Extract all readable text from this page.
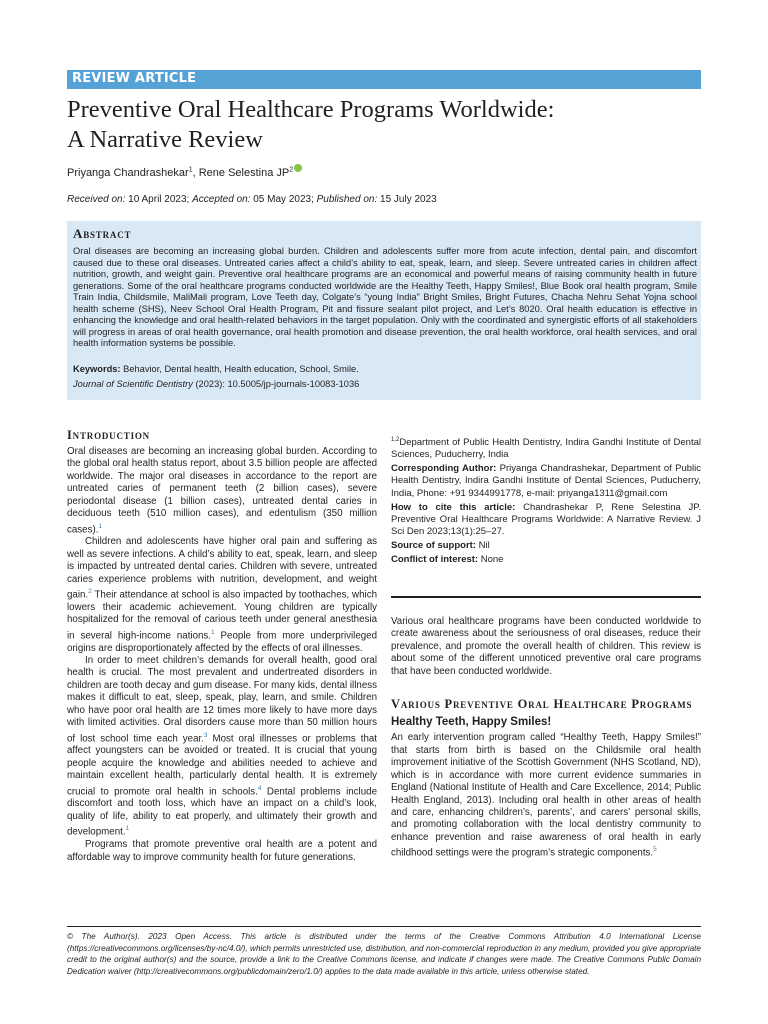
REVIEW ARTICLE
Preventive Oral Healthcare Programs Worldwide:
A Narrative Review
Priyanga Chandrashekar$^1$, Rene Selestina $JP^2$
Received on: 10 April 2023; Accepted on: 05 May 2023; Published on: 15 July 2023
Abstract
Oral diseases are becoming an increasing global burden. Children and adolescents suffer more from acute infection, dental pain, and discomfort caused due to these oral diseases. Untreated caries affect a child’s ability to eat, speak, learn, and sleep. Severe untreated caries in children affect nutrition, growth, and weight gain. Preventive oral healthcare programs are an economical and powerful means of raising community health in future generations. Some of the oral healthcare programs conducted worldwide are the Healthy Teeth, Happy Smiles!, Blue Book oral health program, Smile Train India, Childsmile, MaliMali program, Love Teeth day, Colgate’s “young India” Bright Smiles, Bright Futures, Chacha Nehru Sehat Yojna school health scheme (SHS), Neev School Oral Health Program, Pit and fissure sealant pilot project, and Let’s 8020. Oral health education is effective in enhancing the knowledge and oral health-related behaviors in the target population. Only with the coordinated and synergistic efforts of all stakeholders will progress in areas of oral health governance, oral health promotion and disease prevention, the oral health workforce, oral health services, and oral health information systems be possible.
Keywords: Behavior, Dental health, Health education, School, Smile.
Journal of Scientific Dentistry (2023): 10.5005/jp-journals-10083-1036
Introduction

Oral diseases are becoming an increasing global burden. According to the global oral health status report, about 3.5 billion people are affected worldwide. The major oral diseases in accordance to the report are untreated caries of permanent teeth (2 billion cases), severe periodontal disease (1 billion cases), untreated dental caries in deciduous teeth (510 million cases), and edentulism (350 million cases).$^1$

Children and adolescents have higher oral pain and suffering as well as severe infections. A child’s ability to eat, speak, learn, and sleep is impacted by untreated dental caries. Children with severe, untreated caries experience problems with nutrition, development, and weight gain.$^2$ Their attendance at school is also impacted by toothaches, which lowers their academic achievement. Young children are typically hospitalized for the removal of carious teeth under general anesthesia in several high-income nations.$^1$ People from more underprivileged origins are disproportionately affected by the effects of oral illnesses.

In order to meet children’s demands for overall health, good oral health is crucial. The most prevalent and undertreated disorders in children are tooth decay and gum disease. For many kids, dental illness makes it difficult to eat, sleep, speak, play, learn, and smile. Children who have poor oral health are 12 times more likely to have more days with limited activities. Oral disorders cause more than 50 million hours of lost school time each year.$^3$ Most oral illnesses or problems that affect youngsters can be avoided or treated. It is crucial that young people acquire the knowledge and abilities needed to achieve and maintain excellent health, particularly dental health. It is extremely crucial to promote oral health in schools.$^4$ Dental problems include discomfort and tooth loss, which have an impact on a child’s look, quality of life, ability to eat properly, and ultimately their growth and development.$^1$

Programs that promote preventive oral health are a potent and affordable way to improve community health for future generations.

$^{1,2}$Department of Public Health Dentistry, Indira Gandhi Institute of Dental Sciences, Puducherry, India

Corresponding Author: Priyanga Chandrashekar, Department of Public Health Dentistry, Indira Gandhi Institute of Dental Sciences, Puducherry, India, Phone: +91 9344991778, e-mail: priyanga1311@gmail.com

How to cite this article: Chandrashekar P, Rene Selestina JP. Preventive Oral Healthcare Programs Worldwide: A Narrative Review. J Sci Den 2023;13(1):25–27.

Source of support: Nil

Conflict of interest: None

Various oral healthcare programs have been conducted worldwide to create awareness about the seriousness of oral diseases, reduce their prevalence, and promote the overall health of children. This review is about some of the different unnoticed preventive oral care programs that have been conducted worldwide.
Various Preventive Oral Healthcare Programs
Healthy Teeth, Happy Smiles!
An early intervention program called “Healthy Teeth, Happy Smiles!” that starts from birth is based on the Childsmile oral health improvement initiative of the Scottish Government (NHS Scotland, ND), which is in accordance with more current evidence summaries in England (National Institute of Health and Care Excellence, 2014; Public Health England, 2013). Including oral health in other areas of health and care, enhancing children’s, parents’, and carers’ personal skills, and promoting collaboration with the local dentistry community to enhance prevention and raise awareness of oral health in early childhood settings were the program’s strategic components.$^5$
© The Author(s). 2023 Open Access. This article is distributed under the terms of the Creative Commons Attribution 4.0 International License (https://creativecommons.org/licenses/by-nc/4.0/), which permits unrestricted use, distribution, and non-commercial reproduction in any medium, provided you give appropriate credit to the original author(s) and the source, provide a link to the Creative Commons license, and indicate if changes were made. The Creative Commons Public Domain Dedication waiver (http://creativecommons.org/publicdomain/zero/1.0/) applies to the data made available in this article, unless otherwise stated.
